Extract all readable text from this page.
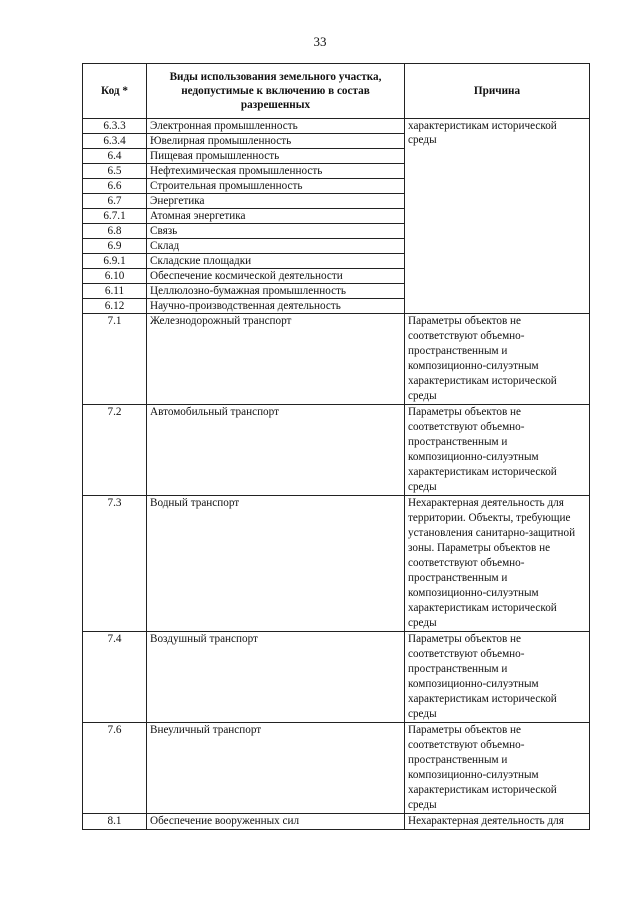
33
Код *	Виды использования земельного участка, недопустимые к включению в состав разрешенных	Причина
6.3.3	Электронная промышленность	характеристикам исторической среды
6.3.4	Ювелирная промышленность	
6.4	Пищевая промышленность	
6.5	Нефтехимическая промышленность	
6.6	Строительная промышленность	
6.7	Энергетика	
6.7.1	Атомная энергетика	
6.8	Связь	
6.9	Склад	
6.9.1	Складские площадки	
6.10	Обеспечение космической деятельности	
6.11	Целлюлозно-бумажная промышленность	
6.12	Научно-производственная деятельность	
7.1	Железнодорожный транспорт	Параметры объектов не соответствуют объемно-пространственным и композиционно-силуэтным характеристикам исторической среды
7.2	Автомобильный транспорт	Параметры объектов не соответствуют объемно-пространственным и композиционно-силуэтным характеристикам исторической среды
7.3	Водный транспорт	Нехарактерная деятельность для территории. Объекты, требующие установления санитарно-защитной зоны. Параметры объектов не соответствуют объемно-пространственным и композиционно-силуэтным характеристикам исторической среды
7.4	Воздушный транспорт	Параметры объектов не соответствуют объемно-пространственным и композиционно-силуэтным характеристикам исторической среды
7.6	Внеуличный транспорт	Параметры объектов не соответствуют объемно-пространственным и композиционно-силуэтным характеристикам исторической среды
8.1	Обеспечение вооруженных сил	Нехарактерная деятельность для
